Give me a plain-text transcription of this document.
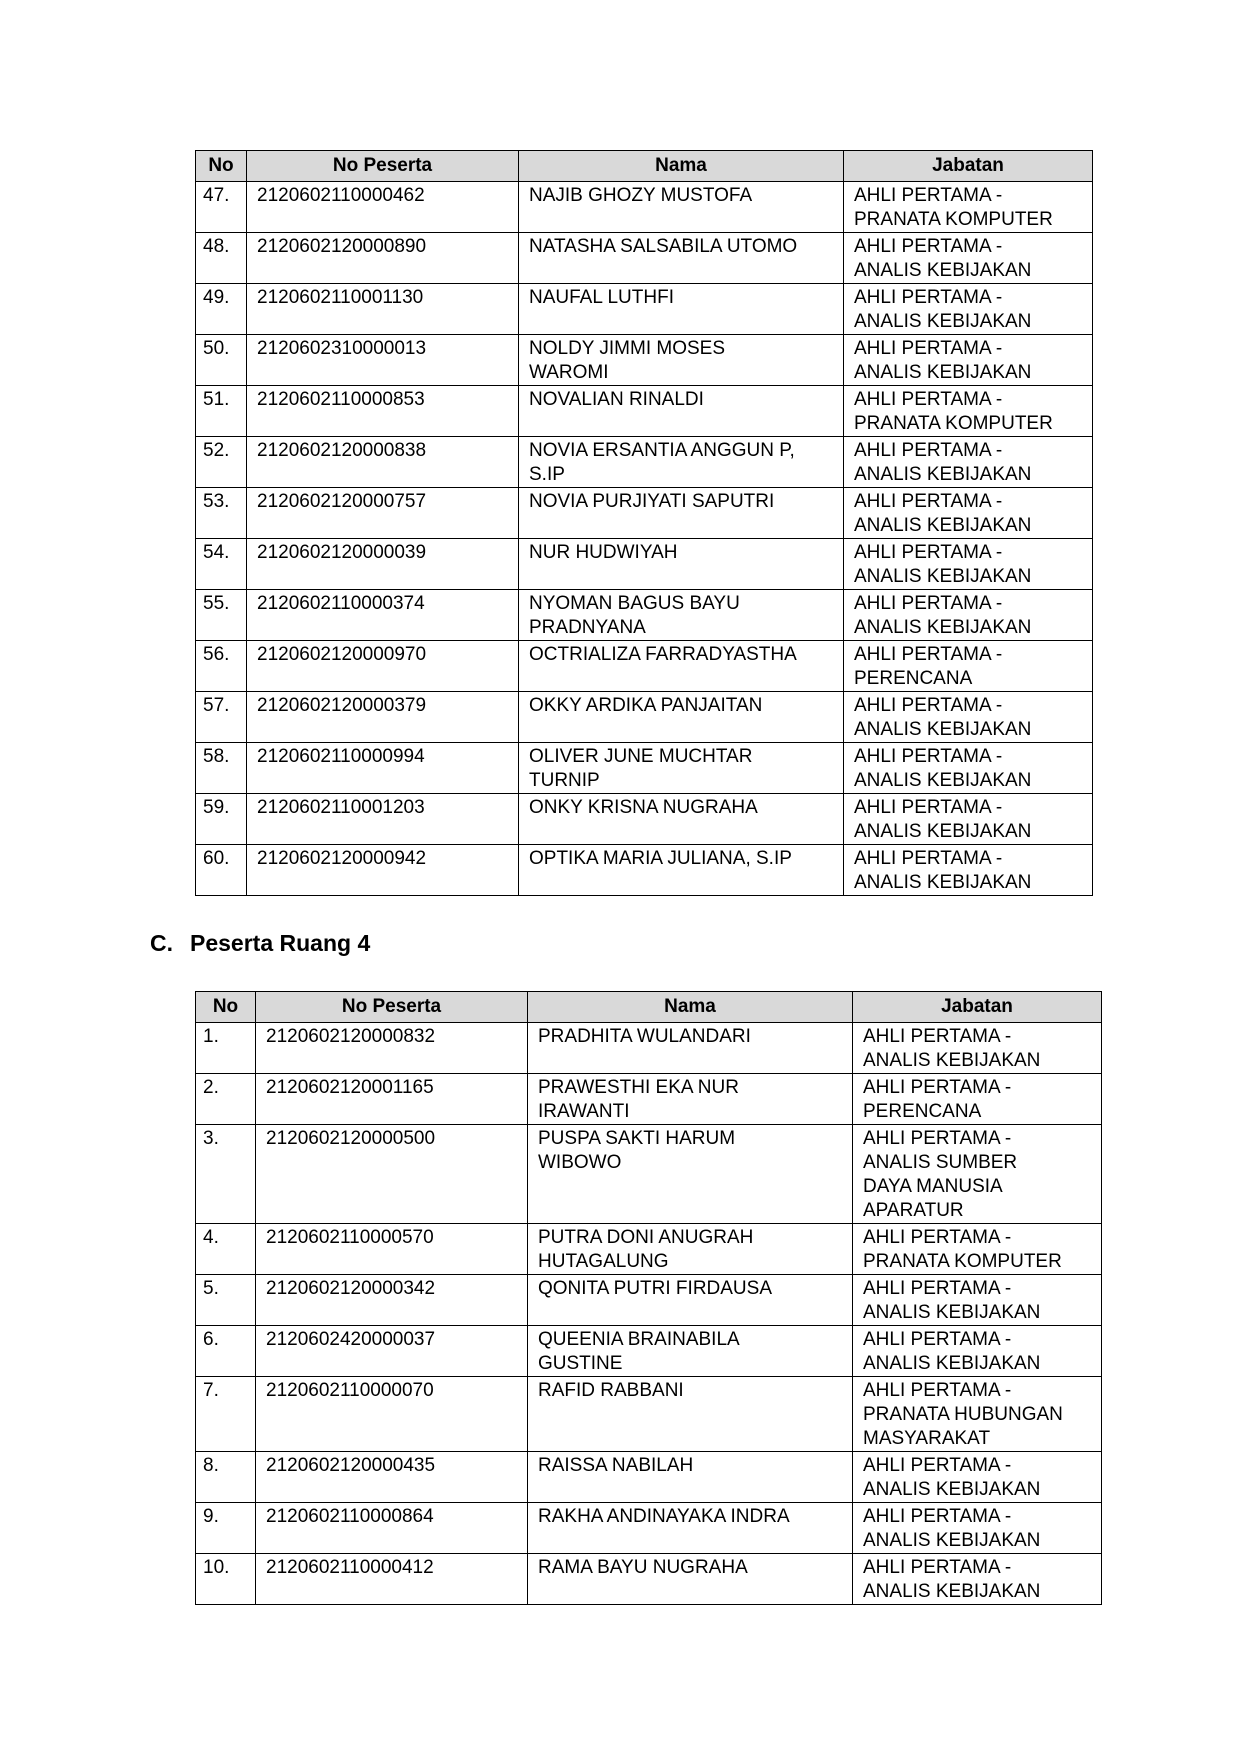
No	No Peserta	Nama	Jabatan
47.	2120602110000462	NAJIB GHOZY MUSTOFA	AHLI PERTAMA -
PRANATA KOMPUTER
48.	2120602120000890	NATASHA SALSABILA UTOMO	AHLI PERTAMA -
ANALIS KEBIJAKAN
49.	2120602110001130	NAUFAL LUTHFI	AHLI PERTAMA -
ANALIS KEBIJAKAN
50.	2120602310000013	NOLDY JIMMI MOSES
WAROMI	AHLI PERTAMA -
ANALIS KEBIJAKAN
51.	2120602110000853	NOVALIAN RINALDI	AHLI PERTAMA -
PRANATA KOMPUTER
52.	2120602120000838	NOVIA ERSANTIA ANGGUN P,
S.IP	AHLI PERTAMA -
ANALIS KEBIJAKAN
53.	2120602120000757	NOVIA PURJIYATI SAPUTRI	AHLI PERTAMA -
ANALIS KEBIJAKAN
54.	2120602120000039	NUR HUDWIYAH	AHLI PERTAMA -
ANALIS KEBIJAKAN
55.	2120602110000374	NYOMAN BAGUS BAYU
PRADNYANA	AHLI PERTAMA -
ANALIS KEBIJAKAN
56.	2120602120000970	OCTRIALIZA FARRADYASTHA	AHLI PERTAMA -
PERENCANA
57.	2120602120000379	OKKY ARDIKA PANJAITAN	AHLI PERTAMA -
ANALIS KEBIJAKAN
58.	2120602110000994	OLIVER JUNE MUCHTAR
TURNIP	AHLI PERTAMA -
ANALIS KEBIJAKAN
59.	2120602110001203	ONKY KRISNA NUGRAHA	AHLI PERTAMA -
ANALIS KEBIJAKAN
60.	2120602120000942	OPTIKA MARIA JULIANA, S.IP	AHLI PERTAMA -
ANALIS KEBIJAKAN
C. Peserta Ruang 4
No	No Peserta	Nama	Jabatan
1.	2120602120000832	PRADHITA WULANDARI	AHLI PERTAMA -
ANALIS KEBIJAKAN
2.	2120602120001165	PRAWESTHI EKA NUR
IRAWANTI	AHLI PERTAMA -
PERENCANA
3.	2120602120000500	PUSPA SAKTI HARUM
WIBOWO	AHLI PERTAMA -
ANALIS SUMBER
DAYA MANUSIA
APARATUR
4.	2120602110000570	PUTRA DONI ANUGRAH
HUTAGALUNG	AHLI PERTAMA -
PRANATA KOMPUTER
5.	2120602120000342	QONITA PUTRI FIRDAUSA	AHLI PERTAMA -
ANALIS KEBIJAKAN
6.	2120602420000037	QUEENIA BRAINABILA
GUSTINE	AHLI PERTAMA -
ANALIS KEBIJAKAN
7.	2120602110000070	RAFID RABBANI	AHLI PERTAMA -
PRANATA HUBUNGAN
MASYARAKAT
8.	2120602120000435	RAISSA NABILAH	AHLI PERTAMA -
ANALIS KEBIJAKAN
9.	2120602110000864	RAKHA ANDINAYAKA INDRA	AHLI PERTAMA -
ANALIS KEBIJAKAN
10.	2120602110000412	RAMA BAYU NUGRAHA	AHLI PERTAMA -
ANALIS KEBIJAKAN
